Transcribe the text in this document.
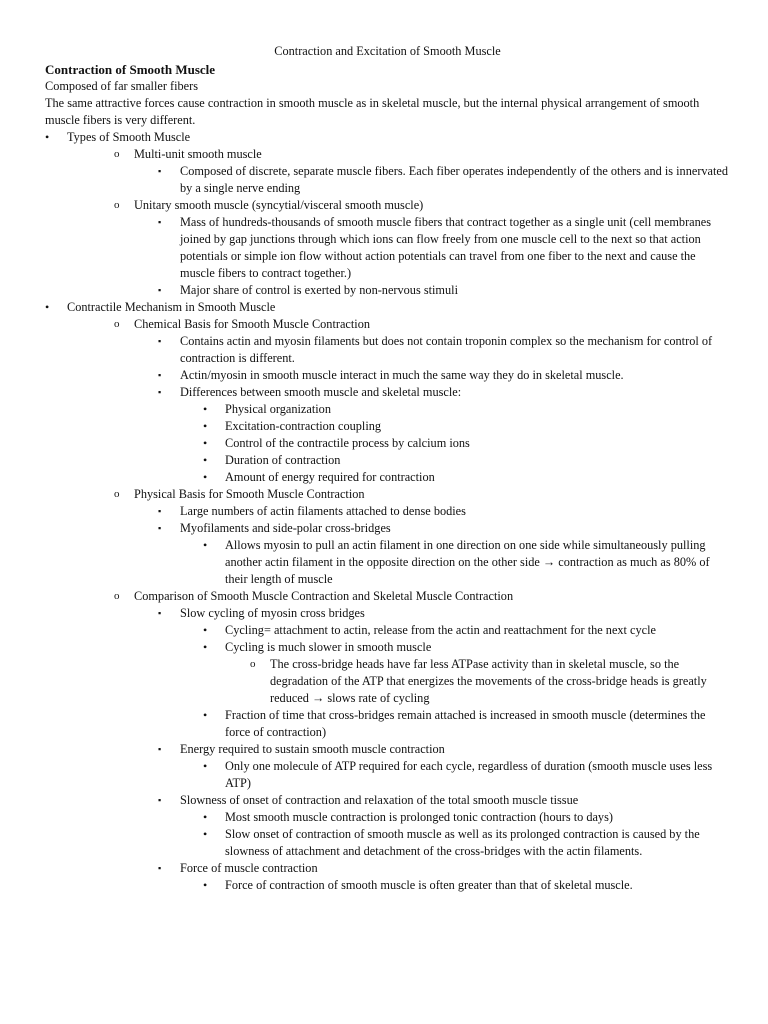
Contraction and Excitation of Smooth Muscle
Contraction of Smooth Muscle
Composed of far smaller fibers
The same attractive forces cause contraction in smooth muscle as in skeletal muscle, but the internal physical arrangement of smooth muscle fibers is very different.
• Types of Smooth Muscle
o Multi-unit smooth muscle
▪ Composed of discrete, separate muscle fibers. Each fiber operates independently of the others and is innervated by a single nerve ending
o Unitary smooth muscle (syncytial/visceral smooth muscle)
▪ Mass of hundreds-thousands of smooth muscle fibers that contract together as a single unit (cell membranes joined by gap junctions through which ions can flow freely from one muscle cell to the next so that action potentials or simple ion flow without action potentials can travel from one fiber to the next and cause the muscle fibers to contract together.)
▪ Major share of control is exerted by non-nervous stimuli
• Contractile Mechanism in Smooth Muscle
o Chemical Basis for Smooth Muscle Contraction
▪ Contains actin and myosin filaments but does not contain troponin complex so the mechanism for control of contraction is different.
▪ Actin/myosin in smooth muscle interact in much the same way they do in skeletal muscle.
▪ Differences between smooth muscle and skeletal muscle:
• Physical organization
• Excitation-contraction coupling
• Control of the contractile process by calcium ions
• Duration of contraction
• Amount of energy required for contraction
o Physical Basis for Smooth Muscle Contraction
▪ Large numbers of actin filaments attached to dense bodies
▪ Myofilaments and side-polar cross-bridges
• Allows myosin to pull an actin filament in one direction on one side while simultaneously pulling another actin filament in the opposite direction on the other side → contraction as much as 80% of their length of muscle
o Comparison of Smooth Muscle Contraction and Skeletal Muscle Contraction
▪ Slow cycling of myosin cross bridges
• Cycling= attachment to actin, release from the actin and reattachment for the next cycle
• Cycling is much slower in smooth muscle
o The cross-bridge heads have far less ATPase activity than in skeletal muscle, so the degradation of the ATP that energizes the movements of the cross-bridge heads is greatly reduced → slows rate of cycling
• Fraction of time that cross-bridges remain attached is increased in smooth muscle (determines the force of contraction)
▪ Energy required to sustain smooth muscle contraction
• Only one molecule of ATP required for each cycle, regardless of duration (smooth muscle uses less ATP)
▪ Slowness of onset of contraction and relaxation of the total smooth muscle tissue
• Most smooth muscle contraction is prolonged tonic contraction (hours to days)
• Slow onset of contraction of smooth muscle as well as its prolonged contraction is caused by the slowness of attachment and detachment of the cross-bridges with the actin filaments.
▪ Force of muscle contraction
• Force of contraction of smooth muscle is often greater than that of skeletal muscle.
